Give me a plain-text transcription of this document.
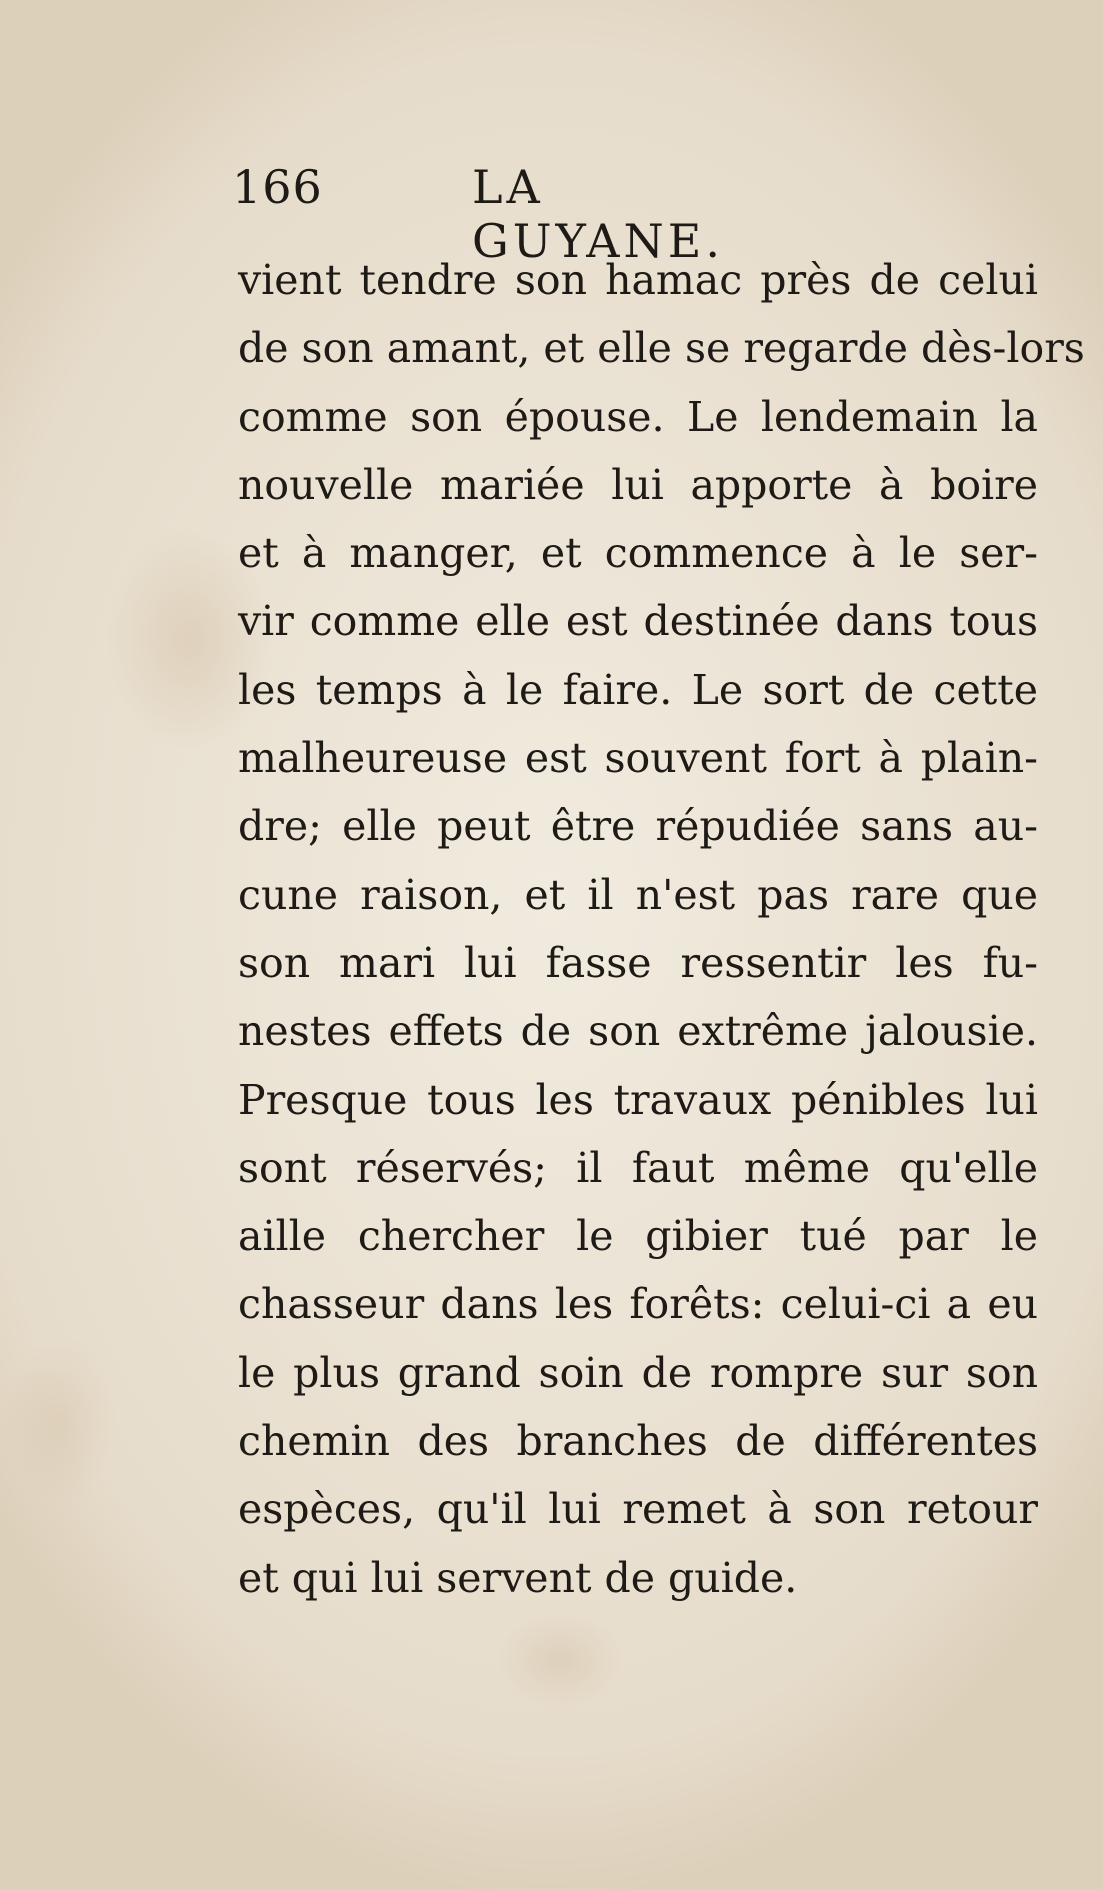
166	LA GUYANE.
vient tendre son hamac près de celui
de son amant, et elle se regarde dès-lors
comme son épouse. Le lendemain la
nouvelle mariée lui apporte à boire
et à manger, et commence à le ser-
vir comme elle est destinée dans tous
les temps à le faire. Le sort de cette
malheureuse est souvent fort à plain-
dre; elle peut être répudiée sans au-
cune raison, et il n'est pas rare que
son mari lui fasse ressentir les fu-
nestes effets de son extrême jalousie.
Presque tous les travaux pénibles lui
sont réservés; il faut même qu'elle
aille chercher le gibier tué par le
chasseur dans les forêts: celui-ci a eu
le plus grand soin de rompre sur son
chemin des branches de différentes
espèces, qu'il lui remet à son retour
et qui lui servent de guide.
